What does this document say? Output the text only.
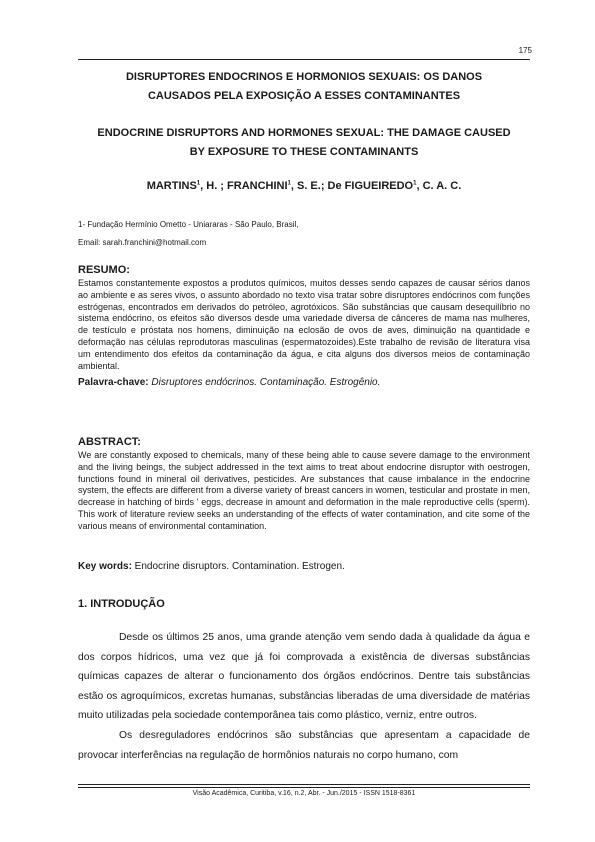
175
DISRUPTORES ENDOCRINOS E HORMONIOS SEXUAIS: OS DANOS
CAUSADOS PELA EXPOSIÇÃO A ESSES CONTAMINANTES
ENDOCRINE DISRUPTORS AND HORMONES SEXUAL: THE DAMAGE CAUSED
BY EXPOSURE TO THESE CONTAMINANTS
MARTINS$^1$, H. ; FRANCHINI$^1$, S. E.; De FIGUEIREDO$^1$, C. A. C.
1- Fundação Hermínio Ometto - Uniararas - São Paulo, Brasil,
Email: sarah.franchini@hotmail.com
RESUMO:
Estamos constantemente expostos a produtos químicos, muitos desses sendo capazes de causar sérios danos ao ambiente e as seres vivos, o assunto abordado no texto visa tratar sobre disruptores endócrinos com funções estrógenas, encontrados em derivados do petróleo, agrotóxicos. São substâncias que causam desequilíbrio no sistema endócrino, os efeitos são diversos desde uma variedade diversa de cânceres de mama nas mulheres, de testículo e próstata nos homens, diminuição na eclosão de ovos de aves, diminuição na quantidade e deformação nas células reprodutoras masculinas (espermatozoides).Este trabalho de revisão de literatura visa um entendimento dos efeitos da contaminação da água, e cita alguns dos diversos meios de contaminação ambiental.
Palavra-chave: Disruptores endócrinos. Contaminação. Estrogênio.
ABSTRACT:
We are constantly exposed to chemicals, many of these being able to cause severe damage to the environment and the living beings, the subject addressed in the text aims to treat about endocrine disruptor with oestrogen, functions found in mineral oil derivatives, pesticides. Are substances that cause imbalance in the endocrine system, the effects are different from a diverse variety of breast cancers in women, testicular and prostate in men, decrease in hatching of birds ' eggs, decrease in amount and deformation in the male reproductive cells (sperm). This work of literature review seeks an understanding of the effects of water contamination, and cite some of the various means of environmental contamination.
Key words: Endocrine disruptors. Contamination. Estrogen.
1. INTRODUÇÃO

Desde os últimos 25 anos, uma grande atenção vem sendo dada à qualidade da água e dos corpos hídricos, uma vez que já foi comprovada a existência de diversas substâncias químicas capazes de alterar o funcionamento dos órgãos endócrinos. Dentre tais substâncias estão os agroquímicos, excretas humanas, substâncias liberadas de uma diversidade de matérias muito utilizadas pela sociedade contemporânea tais como plástico, verniz, entre outros.

Os desreguladores endócrinos são substâncias que apresentam a capacidade de provocar interferências na regulação de hormônios naturais no corpo humano, com

Visão Acadêmica, Curitiba, v.16, n.2, Abr. - Jun./2015 - ISSN 1518-8361
